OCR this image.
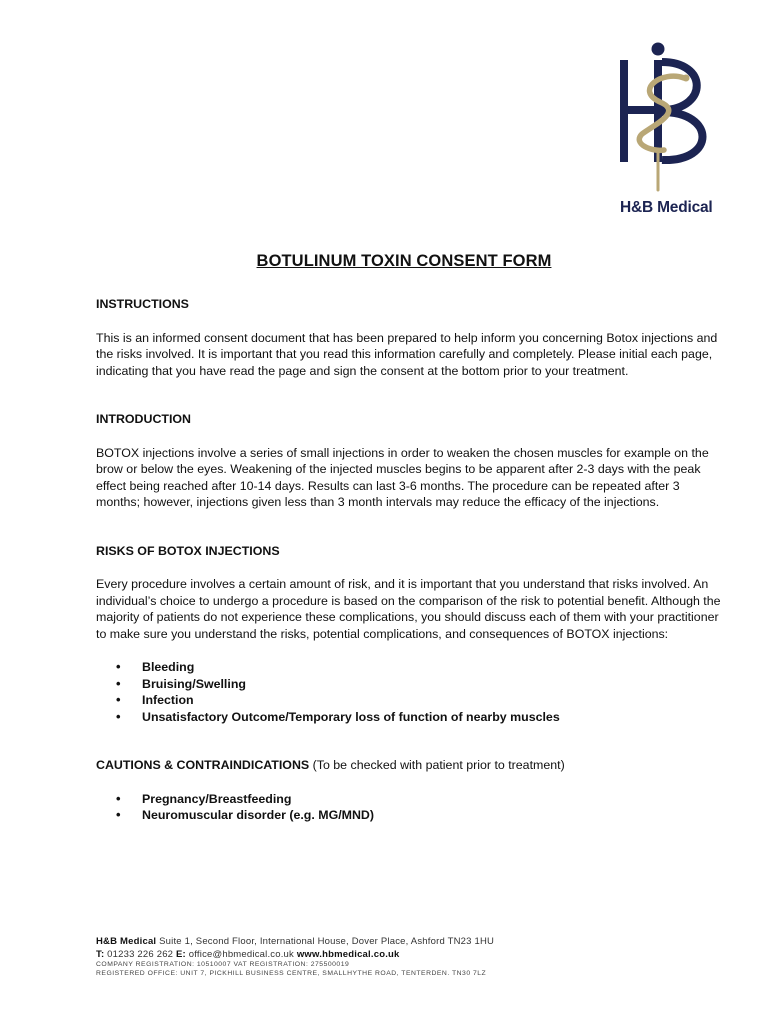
H&B Medical
BOTULINUM TOXIN CONSENT FORM

INSTRUCTIONS

This is an informed consent document that has been prepared to help inform you concerning Botox injections and the risks involved. It is important that you read this information carefully and completely. Please initial each page, indicating that you have read the page and sign the consent at the bottom prior to your treatment.

INTRODUCTION

BOTOX injections involve a series of small injections in order to weaken the chosen muscles for example on the brow or below the eyes. Weakening of the injected muscles begins to be apparent after 2-3 days with the peak effect being reached after 10-14 days. Results can last 3-6 months. The procedure can be repeated after 3 months; however, injections given less than 3 month intervals may reduce the efficacy of the injections.

RISKS OF BOTOX INJECTIONS

Every procedure involves a certain amount of risk, and it is important that you understand that risks involved. An individual’s choice to undergo a procedure is based on the comparison of the risk to potential benefit. Although the majority of patients do not experience these complications, you should discuss each of them with your practitioner to make sure you understand the risks, potential complications, and consequences of BOTOX injections:

• Bleeding
• Bruising/Swelling
• Infection
• Unsatisfactory Outcome/Temporary loss of function of nearby muscles

CAUTIONS & CONTRAINDICATIONS (To be checked with patient prior to treatment)

• Pregnancy/Breastfeeding
• Neuromuscular disorder (e.g. MG/MND)
H&B Medical Suite 1, Second Floor, International House, Dover Place, Ashford TN23 1HU
T: 01233 226 262 E: office@hbmedical.co.uk www.hbmedical.co.uk
COMPANY REGISTRATION: 10510007 VAT REGISTRATION: 275500019
REGISTERED OFFICE: UNIT 7, PICKHILL BUSINESS CENTRE, SMALLHYTHE ROAD, TENTERDEN. TN30 7LZ
